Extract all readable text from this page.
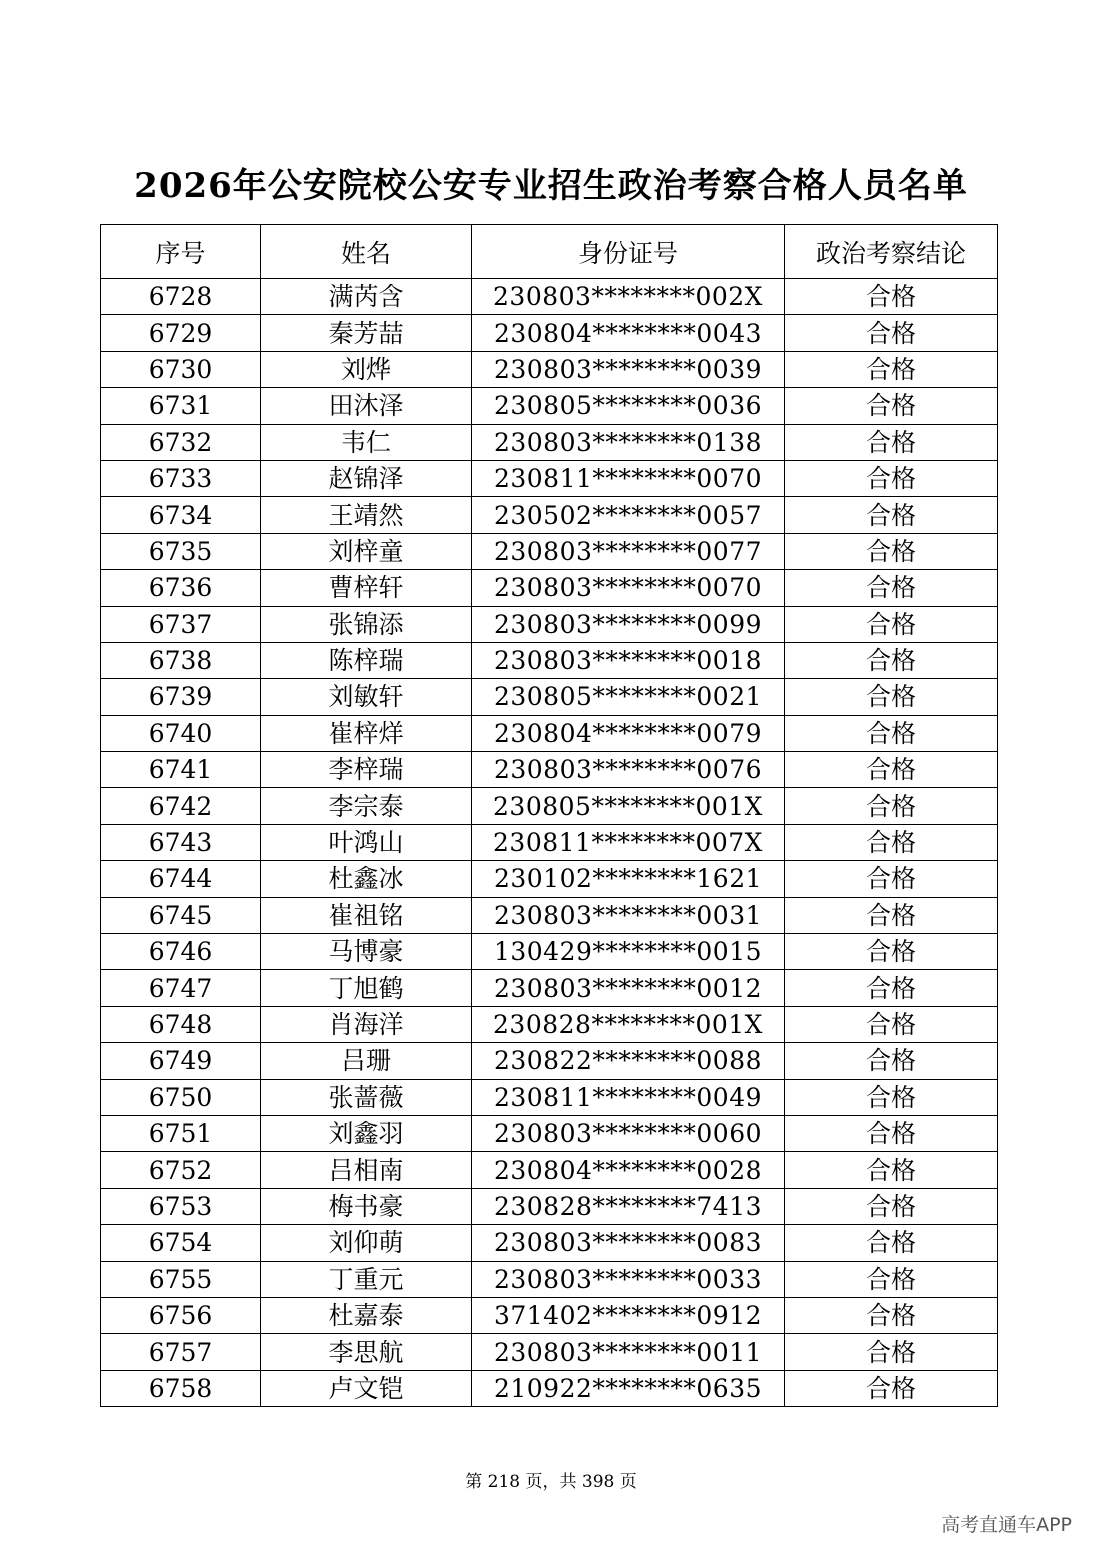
2026年公安院校公安专业招生政治考察合格人员名单
序号	姓名	身份证号	政治考察结论
6728	满芮含	230803********002X	合格
6729	秦芳喆	230804********0043	合格
6730	刘烨	230803********0039	合格
6731	田沐泽	230805********0036	合格
6732	韦仁	230803********0138	合格
6733	赵锦泽	230811********0070	合格
6734	王靖然	230502********0057	合格
6735	刘梓童	230803********0077	合格
6736	曹梓轩	230803********0070	合格
6737	张锦添	230803********0099	合格
6738	陈梓瑞	230803********0018	合格
6739	刘敏轩	230805********0021	合格
6740	崔梓烊	230804********0079	合格
6741	李梓瑞	230803********0076	合格
6742	李宗泰	230805********001X	合格
6743	叶鸿山	230811********007X	合格
6744	杜鑫冰	230102********1621	合格
6745	崔祖铭	230803********0031	合格
6746	马博豪	130429********0015	合格
6747	丁旭鹤	230803********0012	合格
6748	肖海洋	230828********001X	合格
6749	吕珊	230822********0088	合格
6750	张蔷薇	230811********0049	合格
6751	刘鑫羽	230803********0060	合格
6752	吕相南	230804********0028	合格
6753	梅书豪	230828********7413	合格
6754	刘仰萌	230803********0083	合格
6755	丁重元	230803********0033	合格
6756	杜嘉泰	371402********0912	合格
6757	李思航	230803********0011	合格
6758	卢文铠	210922********0635	合格
第 218 页，共 398 页
高考直通车APP
